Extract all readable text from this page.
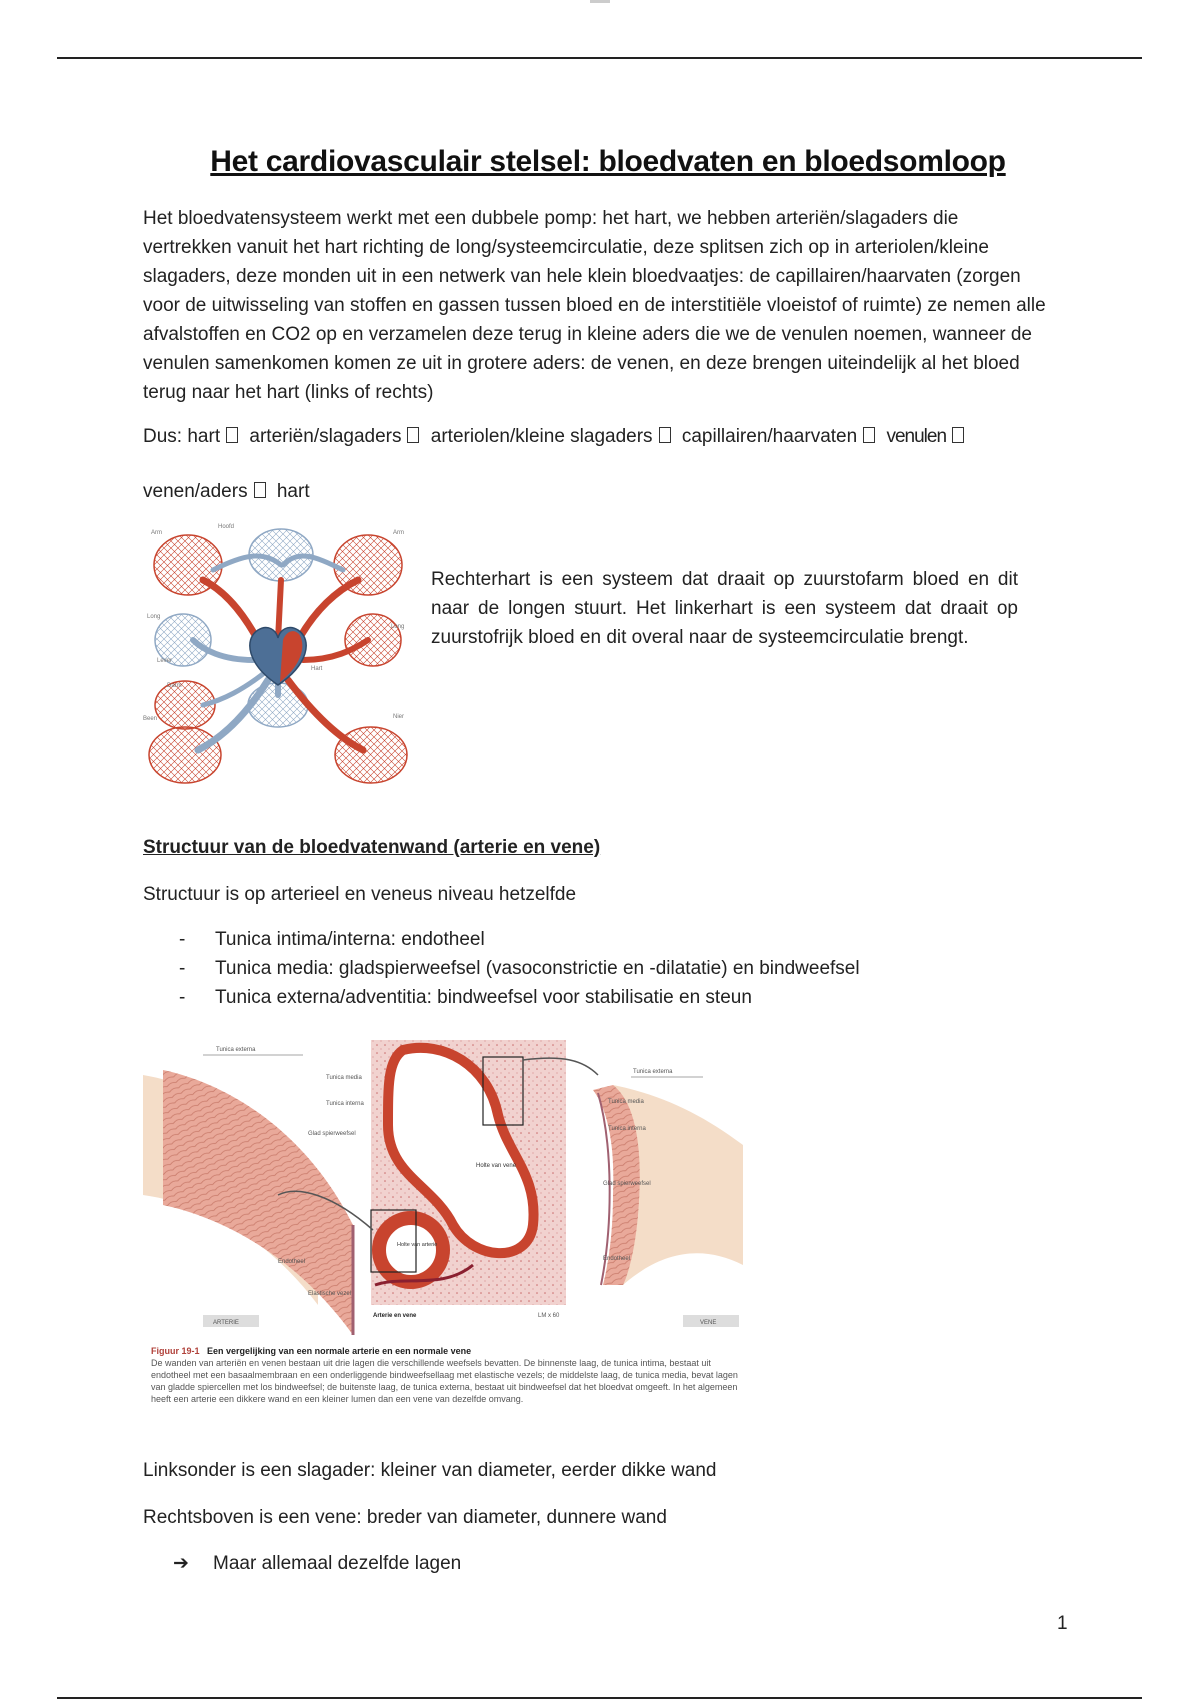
Het cardiovasculair stelsel: bloedvaten en bloedsomloop

Het bloedvatensysteem werkt met een dubbele pomp: het hart, we hebben arteriën/slagaders die vertrekken vanuit het hart richting de long/systeemcirculatie, deze splitsen zich op in arteriolen/kleine slagaders, deze monden uit in een netwerk van hele klein bloedvaatjes: de capillairen/haarvaten (zorgen voor de uitwisseling van stoffen en gassen tussen bloed en de interstitiële vloeistof of ruimte) ze nemen alle afvalstoffen en CO2 op en verzamelen deze terug in kleine aders die we de venulen noemen, wanneer de venulen samenkomen komen ze uit in grotere aders: de venen, en deze brengen uiteindelijk al het bloed terug naar het hart (links of rechts)

Dus: hart arteriën/slagaders arteriolen/kleine slagaders capillairen/haarvaten venulen

venen/aders hart
Arm
Hoofd
Arm
Long
Long
Hart
Lever
Darm
Nier
Been

Rechterhart is een systeem dat draait op zuurstofarm bloed en dit naar de longen stuurt. Het linkerhart is een systeem dat draait op zuurstofrijk bloed en dit overal naar de systeemcirculatie brengt.

Structuur van de bloedvatenwand (arterie en vene)

Structuur is op arterieel en veneus niveau hetzelfde

- Tunica intima/interna: endotheel
- Tunica media: gladspierweefsel (vasoconstrictie en -dilatatie) en bindweefsel
- Tunica externa/adventitia: bindweefsel voor stabilisatie en steun
Tunica externa
Tunica media
Tunica interna
Glad spierweefsel
Endotheel
Elastische vezel
ARTERIE
Holte van vene
Holte van arterie
Arterie en vene	LM x 60
Tunica externa
Tunica media
Tunica interna
Glad spierweefsel
Endotheel
VENE
Figuur 19-1 Een vergelijking van een normale arterie en een normale vene
De wanden van arteriën en venen bestaan uit drie lagen die verschillende weefsels bevatten. De binnenste laag, de tunica intima, bestaat uit endotheel met een basaalmembraan en een onderliggende bindweefsellaag met elastische vezels; de middelste laag, de tunica media, bevat lagen van gladde spiercellen met los bindweefsel; de buitenste laag, de tunica externa, bestaat uit bindweefsel dat het bloedvat omgeeft. In het algemeen heeft een arterie een dikkere wand en een kleiner lumen dan een vene van dezelfde omvang.

Linksonder is een slagader: kleiner van diameter, eerder dikke wand

Rechtsboven is een vene: breder van diameter, dunnere wand

➔ Maar allemaal dezelfde lagen

1
